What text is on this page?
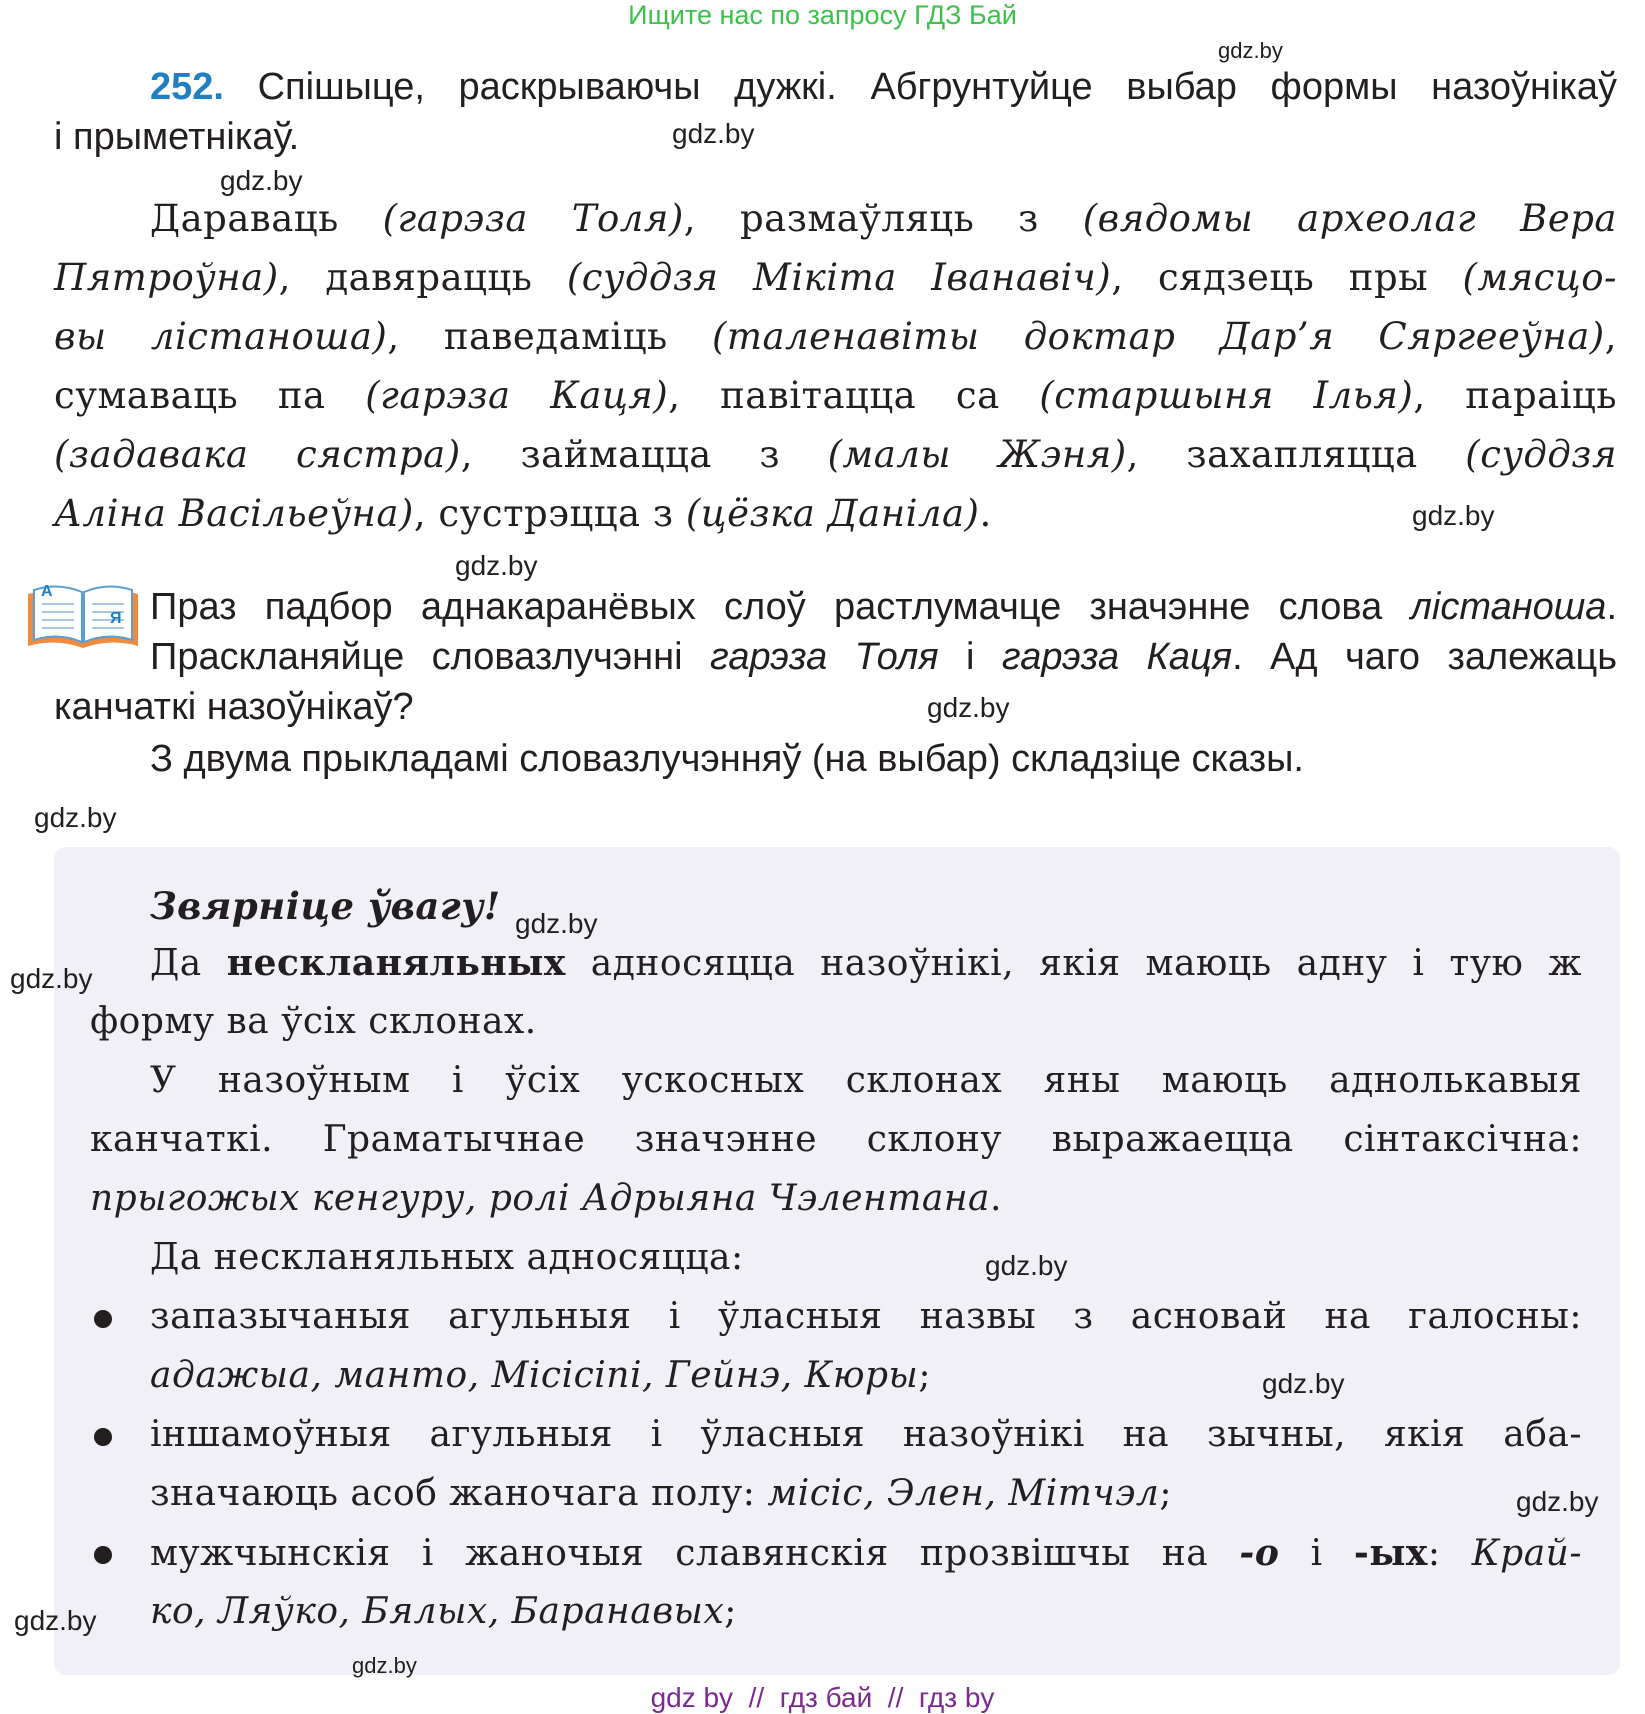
Ищите нас по запросу ГДЗ Бай
gdz.by
gdz.by
gdz.by
gdz.by
gdz.by
gdz.by
gdz.by
252. Спішыце, раскрываючы дужкі. Абгрунтуйце выбар формы назоўнікаў
і прыметнікаў.
Дараваць (гарэза Толя), размаўляць з (вядомы археолаг Вера
Пятроўна), давярацць (суддзя Мікіта Іванавіч), сядзець пры (мясцо-
вы лістаноша), паведаміць (таленавіты доктар Дар’я Сяргееўна),
сумаваць па (гарэза Каця), павітацца са (старшыня Ілья), параіць
(задавака сястра), займацца з (малы Жэня), захапляцца (суддзя
Аліна Васільеўна), сустрэцца з (цёзка Даніла).
А
Я Праз падбор аднакаранёвых слоў растлумачце значэнне слова лістаноша.
Праскланяйце словазлучэнні гарэза Толя і гарэза Каця. Ад чаго залежаць
канчаткі назоўнікаў?
З двума прыкладамі словазлучэнняў (на выбар) складзіце сказы.
Звярніце ўвагу! gdz.by
gdz.by Да нескланяльных адносяцца назоўнікі, якія маюць адну і тую ж
форму ва ўсіх склонах.
У назоўным і ўсіх ускосных склонах яны маюць аднолькавыя
канчаткі. Граматычнае значэнне склону выражаецца сінтаксічна:
прыгожых кенгуру, ролі Адрыяна Чэлентана.
Да нескланяльных адносяцца:	gdz.by
запазычаныя агульныя і ўласныя назвы з асновай на галосны:
адажыа, манто, Місісіпі, Гейнэ, Кюры;	gdz.by
іншамоўныя агульныя і ўласныя назоўнікі на зычны, якія аба-
значаюць асоб жаночага полу: місіс, Элен, Мітчэл;	gdz.by
мужчынскія і жаночыя славянскія прозвішчы на -о і -ых: Край-
ко, Ляўко, Бялых, Баранавых;
gdz.by
gdz.by
gdz by  //  гдз бай  //  гдз by
